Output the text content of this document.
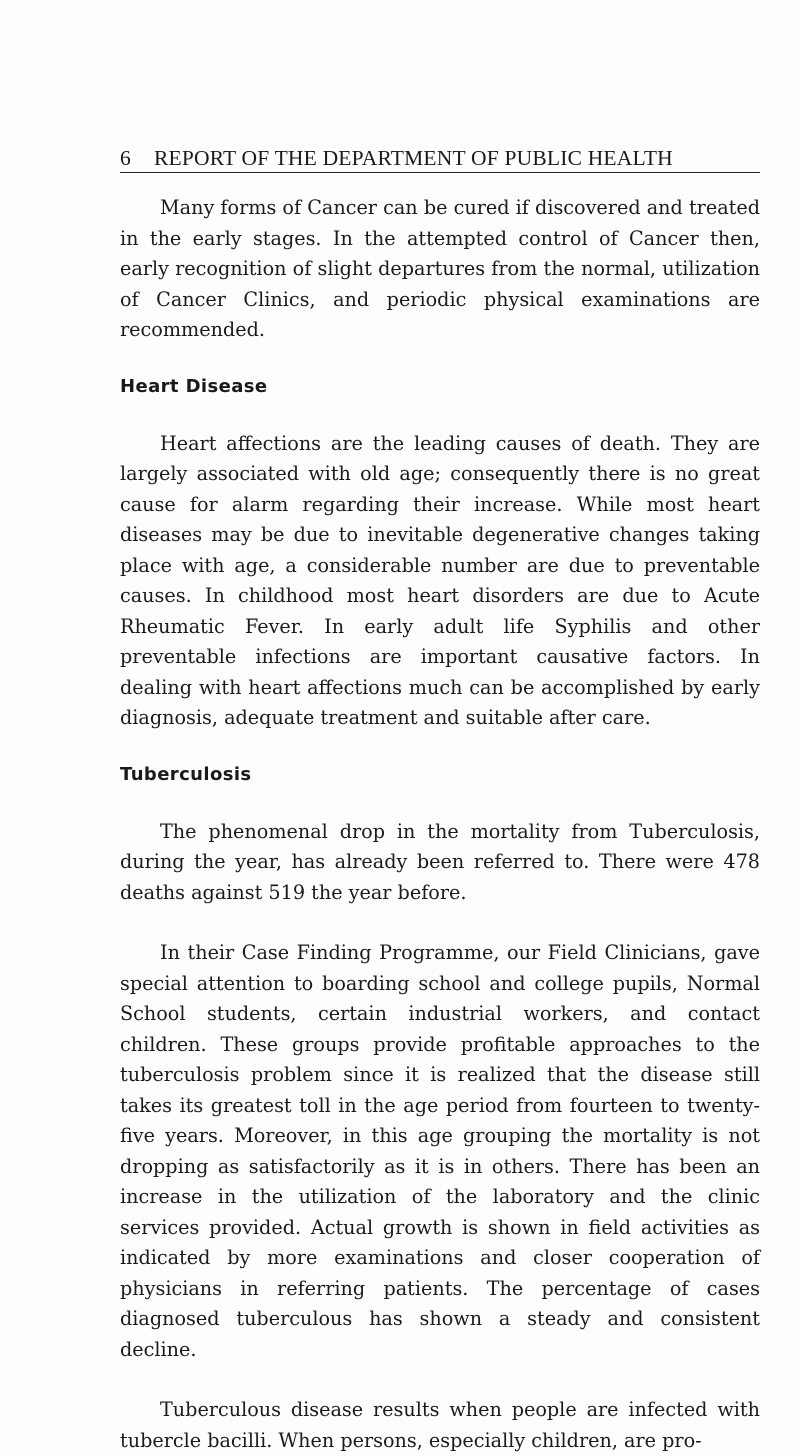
6 REPORT OF THE DEPARTMENT OF PUBLIC HEALTH

Many forms of Cancer can be cured if discovered and treated in the early stages. In the attempted control of Cancer then, early recognition of slight departures from the normal, utilization of Cancer Clinics, and periodic physical examinations are recommended.

Heart Disease

Heart affections are the leading causes of death. They are largely associated with old age; consequently there is no great cause for alarm regarding their increase. While most heart diseases may be due to inevitable degenerative changes taking place with age, a considerable number are due to preventable causes. In childhood most heart disorders are due to Acute Rheumatic Fever. In early adult life Syphilis and other preventable infections are important causative factors. In dealing with heart affections much can be accomplished by early diagnosis, adequate treatment and suitable after care.

Tuberculosis

The phenomenal drop in the mortality from Tuberculosis, during the year, has already been referred to. There were 478 deaths against 519 the year before.

In their Case Finding Programme, our Field Clinicians, gave special attention to boarding school and college pupils, Normal School students, certain industrial workers, and contact children. These groups provide profitable approaches to the tuberculosis problem since it is realized that the disease still takes its greatest toll in the age period from fourteen to twenty-five years. Moreover, in this age grouping the mortality is not dropping as satisfactorily as it is in others. There has been an increase in the utilization of the laboratory and the clinic services provided. Actual growth is shown in field activities as indicated by more examinations and closer cooperation of physicians in referring patients. The percentage of cases diagnosed tuberculous has shown a steady and consistent decline.

Tuberculous disease results when people are infected with tubercle bacilli. When persons, especially children, are pro-
